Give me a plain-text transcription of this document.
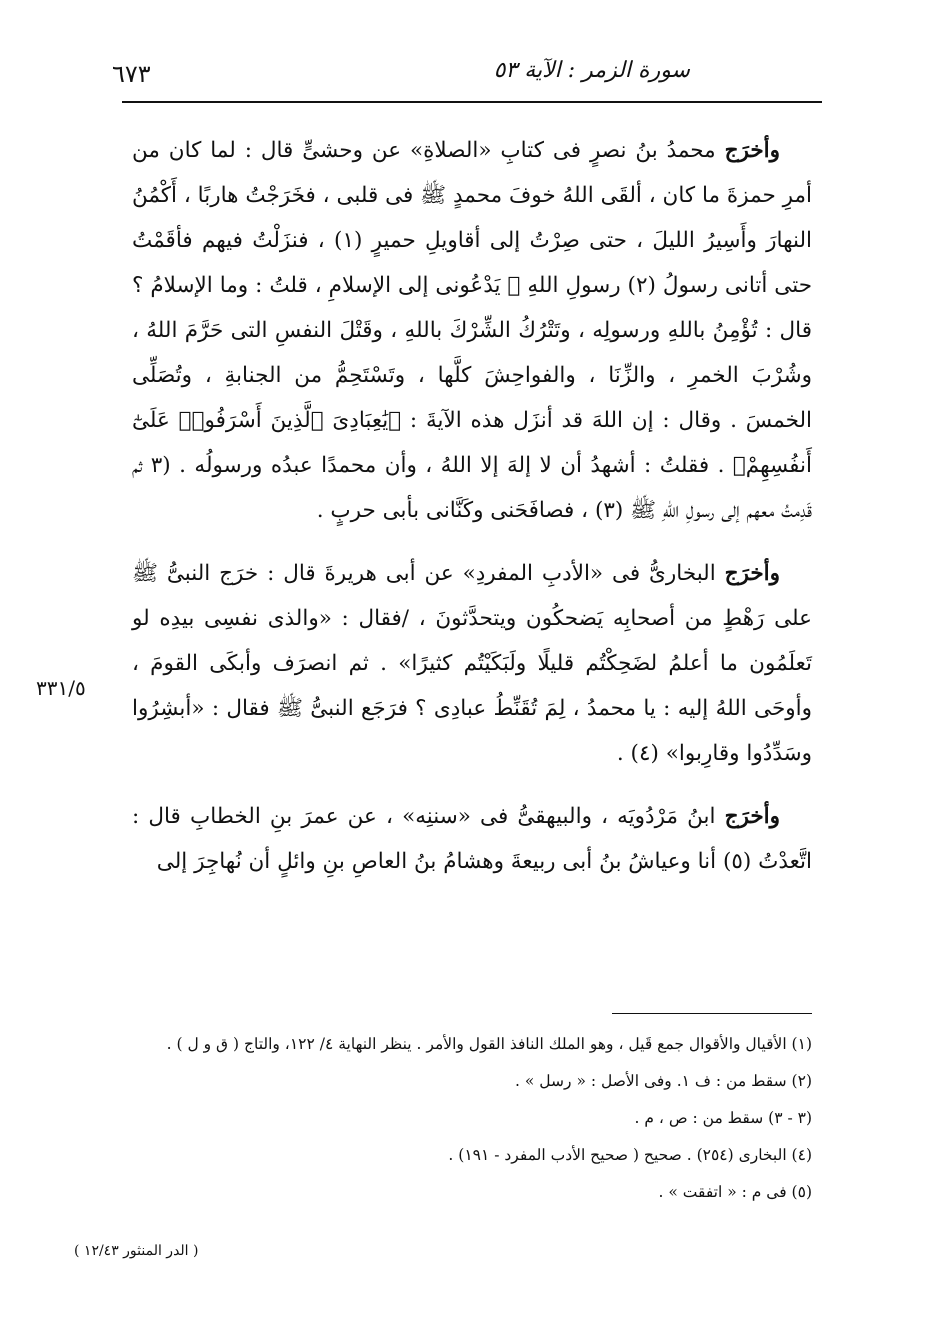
٦٧٣	سورة الزمر : الآية ٥٣

وأخرَج محمدُ بنُ نصرٍ فى كتابِ «الصلاةِ» عن وحشىٍّ قال : لما كان من أمرِ حمزةَ ما كان ، ألقَى اللهُ خوفَ محمدٍ ﷺ فى قلبى ، فخَرَجْتُ هاربًا ، أَكْمُنُ النهارَ وأَسِيرُ الليلَ ، حتى صِرْتُ إلى أقاويلِ حميرٍ (١) ، فنزَلْتُ فيهم فأقَمْتُ حتى أتانى رسولُ (٢) رسولِ اللهِ ﷺ يَدْعُونى إلى الإسلامِ ، قلتُ : وما الإسلامُ ؟ قال : تُؤْمِنُ باللهِ ورسولِه ، وتَتْرُكُ الشِّرْكَ باللهِ ، وقَتْلَ النفسِ التى حَرَّمَ اللهُ ، وشُرْبَ الخمرِ ، والزِّنَا ، والفواحِشَ كلَّها ، وتَسْتَحِمُّ من الجنابةِ ، وتُصَلِّى الخمسَ . وقال : إن اللهَ قد أنزَل هذه الآيةَ : ﴿يَٰعِبَادِىَ ٱلَّذِينَ أَسْرَفُوا۟ عَلَىٰٓ أَنفُسِهِمْ﴾ . فقلتُ : أشهدُ أن لا إلهَ إلا اللهُ ، وأن محمدًا عبدُه ورسولُه . (٣ ثم قَدِمتُ معهم إلى رسولِ اللهِ ﷺ (٣) ، فصافَحَنى وكَنَّانى بأبى حربٍ .

وأخرَج البخارىُّ فى «الأدبِ المفردِ» عن أبى هريرةَ قال : خرَج النبىُّ ﷺ على رَهْطٍ من أصحابِه يَضحكُون ويتحدَّثونَ ، /فقال : «والذى نفسِى بيدِه لو تَعلَمُون ما أعلمُ لضَحِكْتُم قليلًا ولَبَكَيْتُم كثيرًا» . ثم انصرَف وأبكَى القومَ ، وأوحَى اللهُ إليه : يا محمدُ ، لِمَ تُقَنِّطُ عبادِى ؟ فرَجَع النبىُّ ﷺ فقال : «أبشِرُوا وسَدِّدُوا وقارِبوا» (٤) .

وأخرَج ابنُ مَرْدُويَه ، والبيهقىُّ فى «سننِه» ، عن عمرَ بنِ الخطابِ قال : اتَّعدْتُ (٥) أنا وعياشُ بنُ أبى ربيعةَ وهشامُ بنُ العاصِ بنِ وائلٍ أن نُهاجِرَ إلى

٣٣١/٥
(١) الأقيال والأقوال جمع قَيل ، وهو الملك النافذ القول والأمر . ينظر النهاية ٤/ ١٢٢، والتاج ( ق و ل ) .
(٢) سقط من : ف ١. وفى الأصل : « رسل » .
(٣ - ٣) سقط من : ص ، م .
(٤) البخارى (٢٥٤) . صحيح ( صحيح الأدب المفرد - ١٩١) .
(٥) فى م : « اتفقت » .
( الدر المنثور ١٢/٤٣ )
